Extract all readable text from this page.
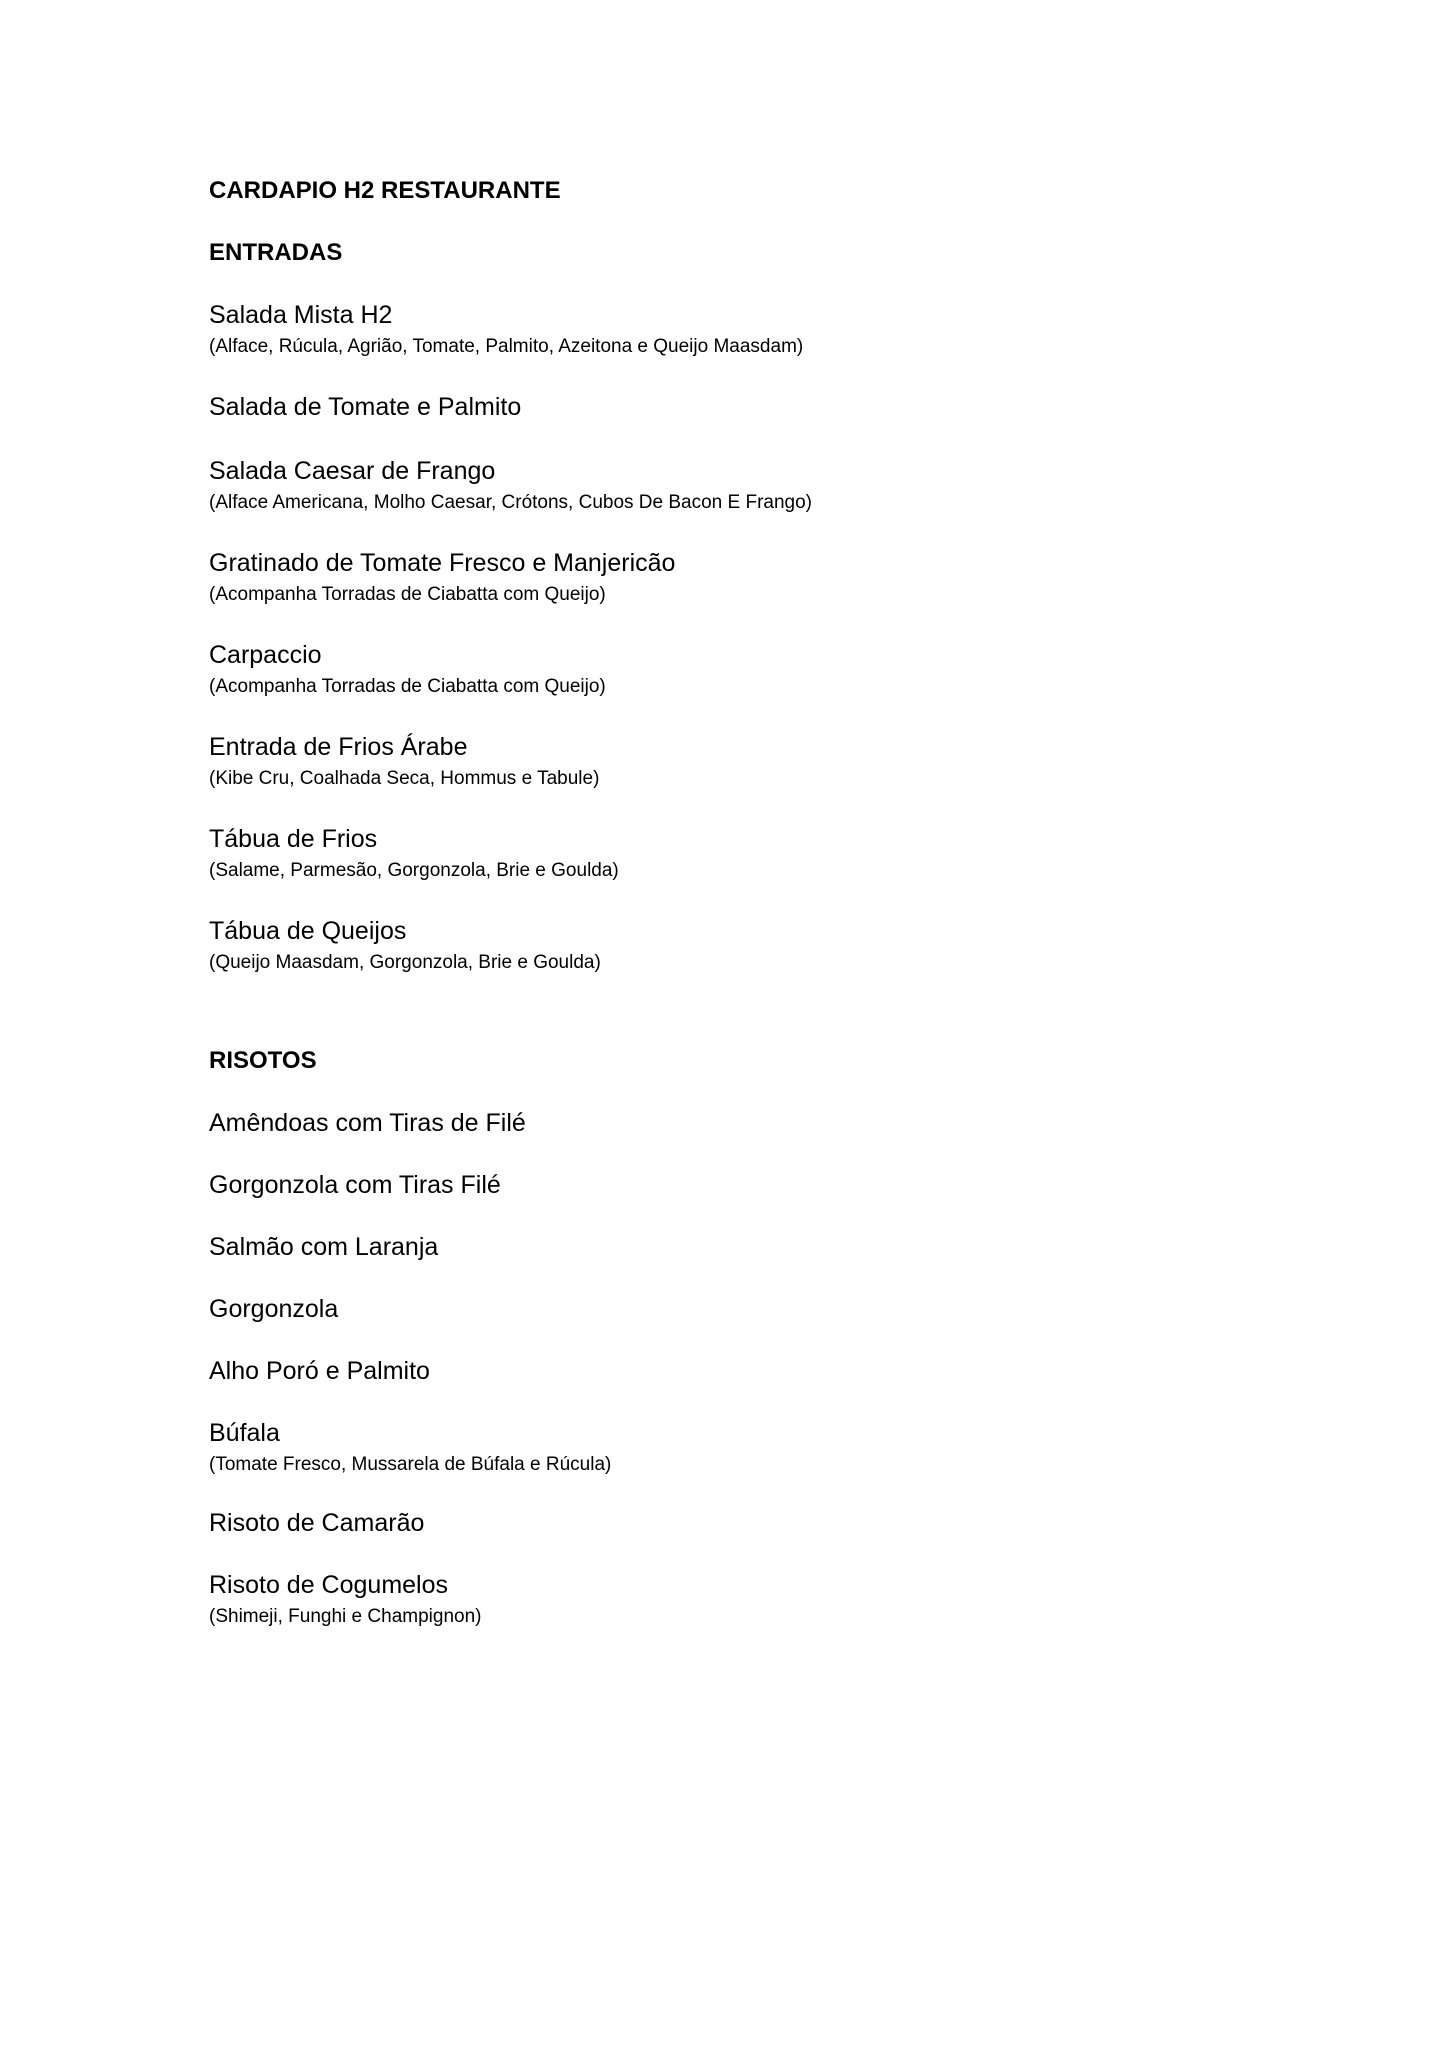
CARDAPIO H2 RESTAURANTE
ENTRADAS
Salada Mista H2
(Alface, Rúcula, Agrião, Tomate, Palmito, Azeitona e Queijo Maasdam)
Salada de Tomate e Palmito
Salada Caesar de Frango
(Alface Americana, Molho Caesar, Crótons, Cubos De Bacon E Frango)
Gratinado de Tomate Fresco e Manjericão
(Acompanha Torradas de Ciabatta com Queijo)
Carpaccio
(Acompanha Torradas de Ciabatta com Queijo)
Entrada de Frios Árabe
(Kibe Cru, Coalhada Seca, Hommus e Tabule)
Tábua de Frios
(Salame, Parmesão, Gorgonzola, Brie e Goulda)
Tábua de Queijos
(Queijo Maasdam, Gorgonzola, Brie e Goulda)
RISOTOS
Amêndoas com Tiras de Filé
Gorgonzola com Tiras Filé
Salmão com Laranja
Gorgonzola
Alho Poró e Palmito
Búfala
(Tomate Fresco, Mussarela de Búfala e Rúcula)
Risoto de Camarão
Risoto de Cogumelos
(Shimeji, Funghi e Champignon)
